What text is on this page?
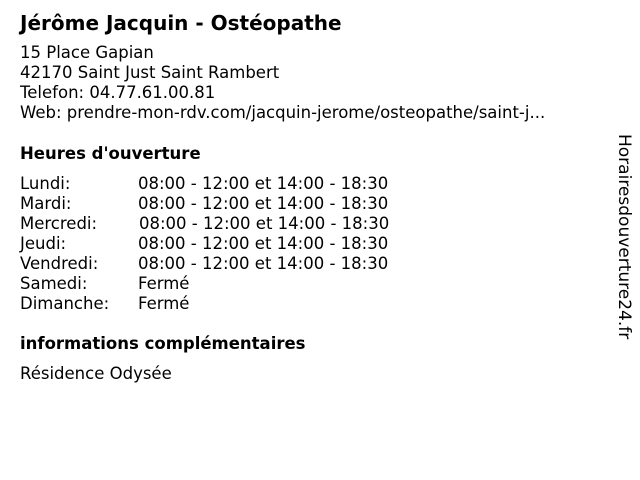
Jérôme Jacquin - Ostéopathe
15 Place Gapian
42170 Saint Just Saint Rambert
Telefon: 04.77.61.00.81
Web: prendre-mon-rdv.com/jacquin-jerome/osteopathe/saint-j...
Heures d'ouverture
Lundi:	08:00 - 12:00 et 14:00 - 18:30
Mardi:	08:00 - 12:00 et 14:00 - 18:30
Mercredi:	08:00 - 12:00 et 14:00 - 18:30
Jeudi:	08:00 - 12:00 et 14:00 - 18:30
Vendredi: 08:00 - 12:00 et 14:00 - 18:30
Samedi:	Fermé
Dimanche: Fermé
informations complémentaires
Résidence Odysée
Horairesdouverture24.fr
